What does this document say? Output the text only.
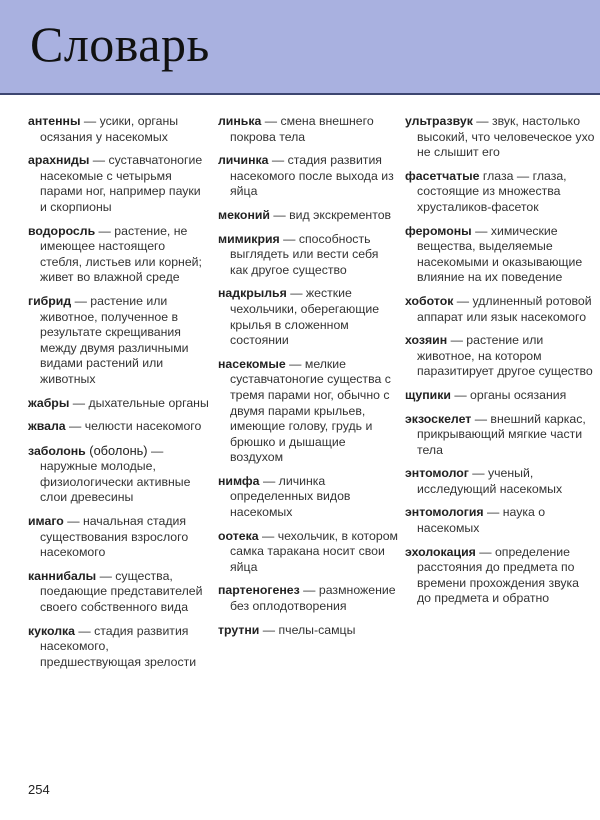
Словарь

антенны — усики, органы осязания у насекомых

арахниды — суставчатоногие насекомые с четырьмя парами ног, например пауки и скорпионы

водоросль — растение, не имеющее настоящего стебля, листьев или корней; живет во влажной среде

гибрид — растение или животное, полученное в результате скрещивания между двумя различными видами растений или животных

жабры — дыхательные органы

жвала — челюсти насекомого

заболонь (оболонь) — наружные молодые, физиологически активные слои древесины

имаго — начальная стадия существования взрослого насекомого

каннибалы — существа, поедающие представителей своего собственного вида

куколка — стадия развития насекомого, предшествующая зрелости

линька — смена внешнего покрова тела

личинка — стадия развития насекомого после выхода из яйца

меконий — вид экскрементов

мимикрия — способность выглядеть или вести себя как другое существо

надкрылья — жесткие чехольчики, оберегающие крылья в сложенном состоянии

насекомые — мелкие суставчатоногие существа с тремя парами ног, обычно с двумя парами крыльев, имеющие голову, грудь и брюшко и дышащие воздухом

нимфа — личинка определенных видов насекомых

оотека — чехольчик, в котором самка таракана носит свои яйца

партеногенез — размножение без оплодотворения

трутни — пчелы-самцы

ультразвук — звук, настолько высокий, что человеческое ухо не слышит его

фасетчатые глаза — глаза, состоящие из множества хрусталиков-фасеток

феромоны — химические вещества, выделяемые насекомыми и оказывающие влияние на их поведение

хоботок — удлиненный ротовой аппарат или язык насекомого

хозяин — растение или животное, на котором паразитирует другое существо

щупики — органы осязания

экзоскелет — внешний каркас, прикрывающий мягкие части тела

энтомолог — ученый, исследующий насекомых

энтомология — наука о насекомых

эхолокация — определение расстояния до предмета по времени прохождения звука до предмета и обратно

254
